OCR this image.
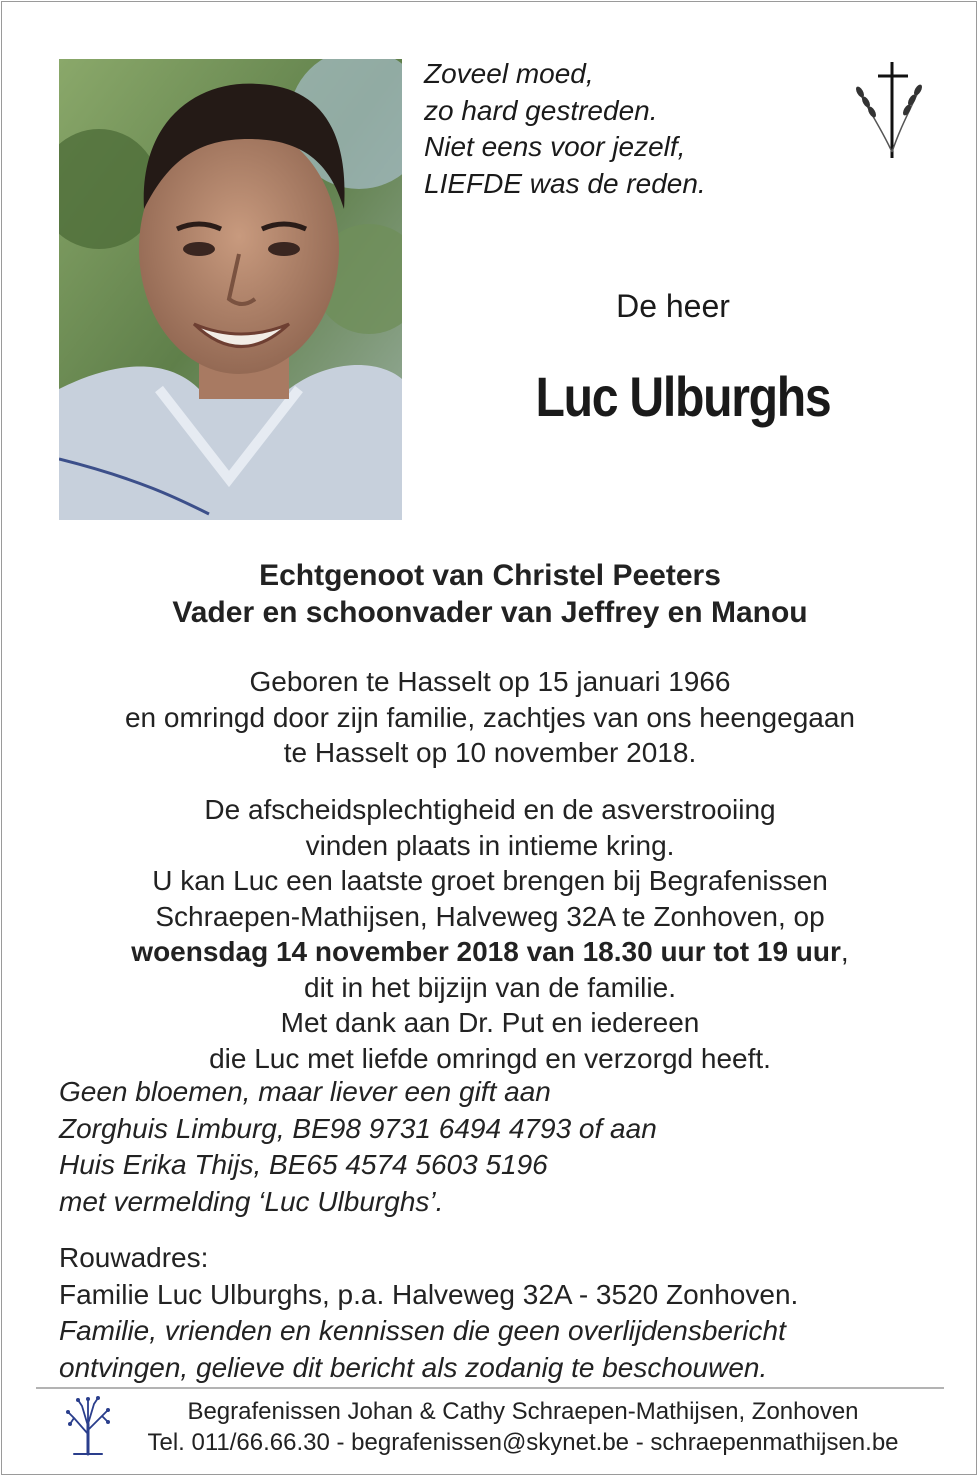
Zoveel moed,
zo hard gestreden.
Niet eens voor jezelf,
LIEFDE was de reden.
De heer
Luc Ulburghs
Echtgenoot van Christel Peeters
Vader en schoonvader van Jeffrey en Manou
Geboren te Hasselt op 15 januari 1966
en omringd door zijn familie, zachtjes van ons heengegaan
te Hasselt op 10 november 2018.
De afscheidsplechtigheid en de asverstrooiing
vinden plaats in intieme kring.
U kan Luc een laatste groet brengen bij Begrafenissen
Schraepen-Mathijsen, Halveweg 32A te Zonhoven, op
woensdag 14 november 2018 van 18.30 uur tot 19 uur,
dit in het bijzijn van de familie.
Met dank aan Dr. Put en iedereen
die Luc met liefde omringd en verzorgd heeft.
Geen bloemen, maar liever een gift aan
Zorghuis Limburg, BE98 9731 6494 4793 of aan
Huis Erika Thijs, BE65 4574 5603 5196
met vermelding ‘Luc Ulburghs’.
Rouwadres:
Familie Luc Ulburghs, p.a. Halveweg 32A - 3520 Zonhoven.
Familie, vrienden en kennissen die geen overlijdensbericht
ontvingen, gelieve dit bericht als zodanig te beschouwen.
Begrafenissen Johan & Cathy Schraepen-Mathijsen, Zonhoven
Tel. 011/66.66.30 - begrafenissen@skynet.be - schraepenmathijsen.be
